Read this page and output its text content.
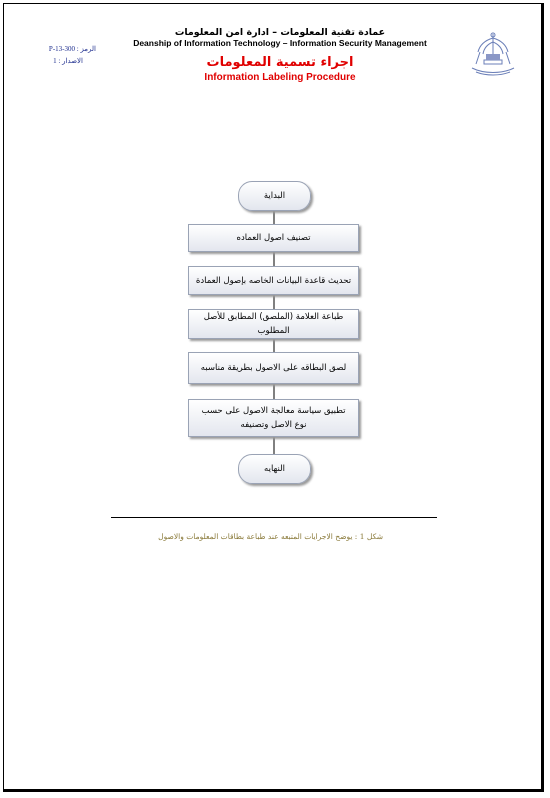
عمادة تقنية المعلومات – ادارة امن المعلومات
Deanship of Information Technology – Information Security Management
اجراء تسمية المعلومات
Information Labeling Procedure
الرمز : 300-P-13
الاصدار : 1
البداية
تصنيف اصول العماده
تحديث قاعدة البيانات الخاصه بإصول العمادة
طباعة العلامة (الملصق) المطابق للأصل المطلوب
لصق البطاقه على الاصول بطريقة مناسبه
تطبيق سياسة معالجة الاصول على حسب نوع الاصل وتصنيفه
النهايه
شكل 1 : يوضح الاجرايات المتبعه عند طباعة بطاقات المعلومات والاصول
